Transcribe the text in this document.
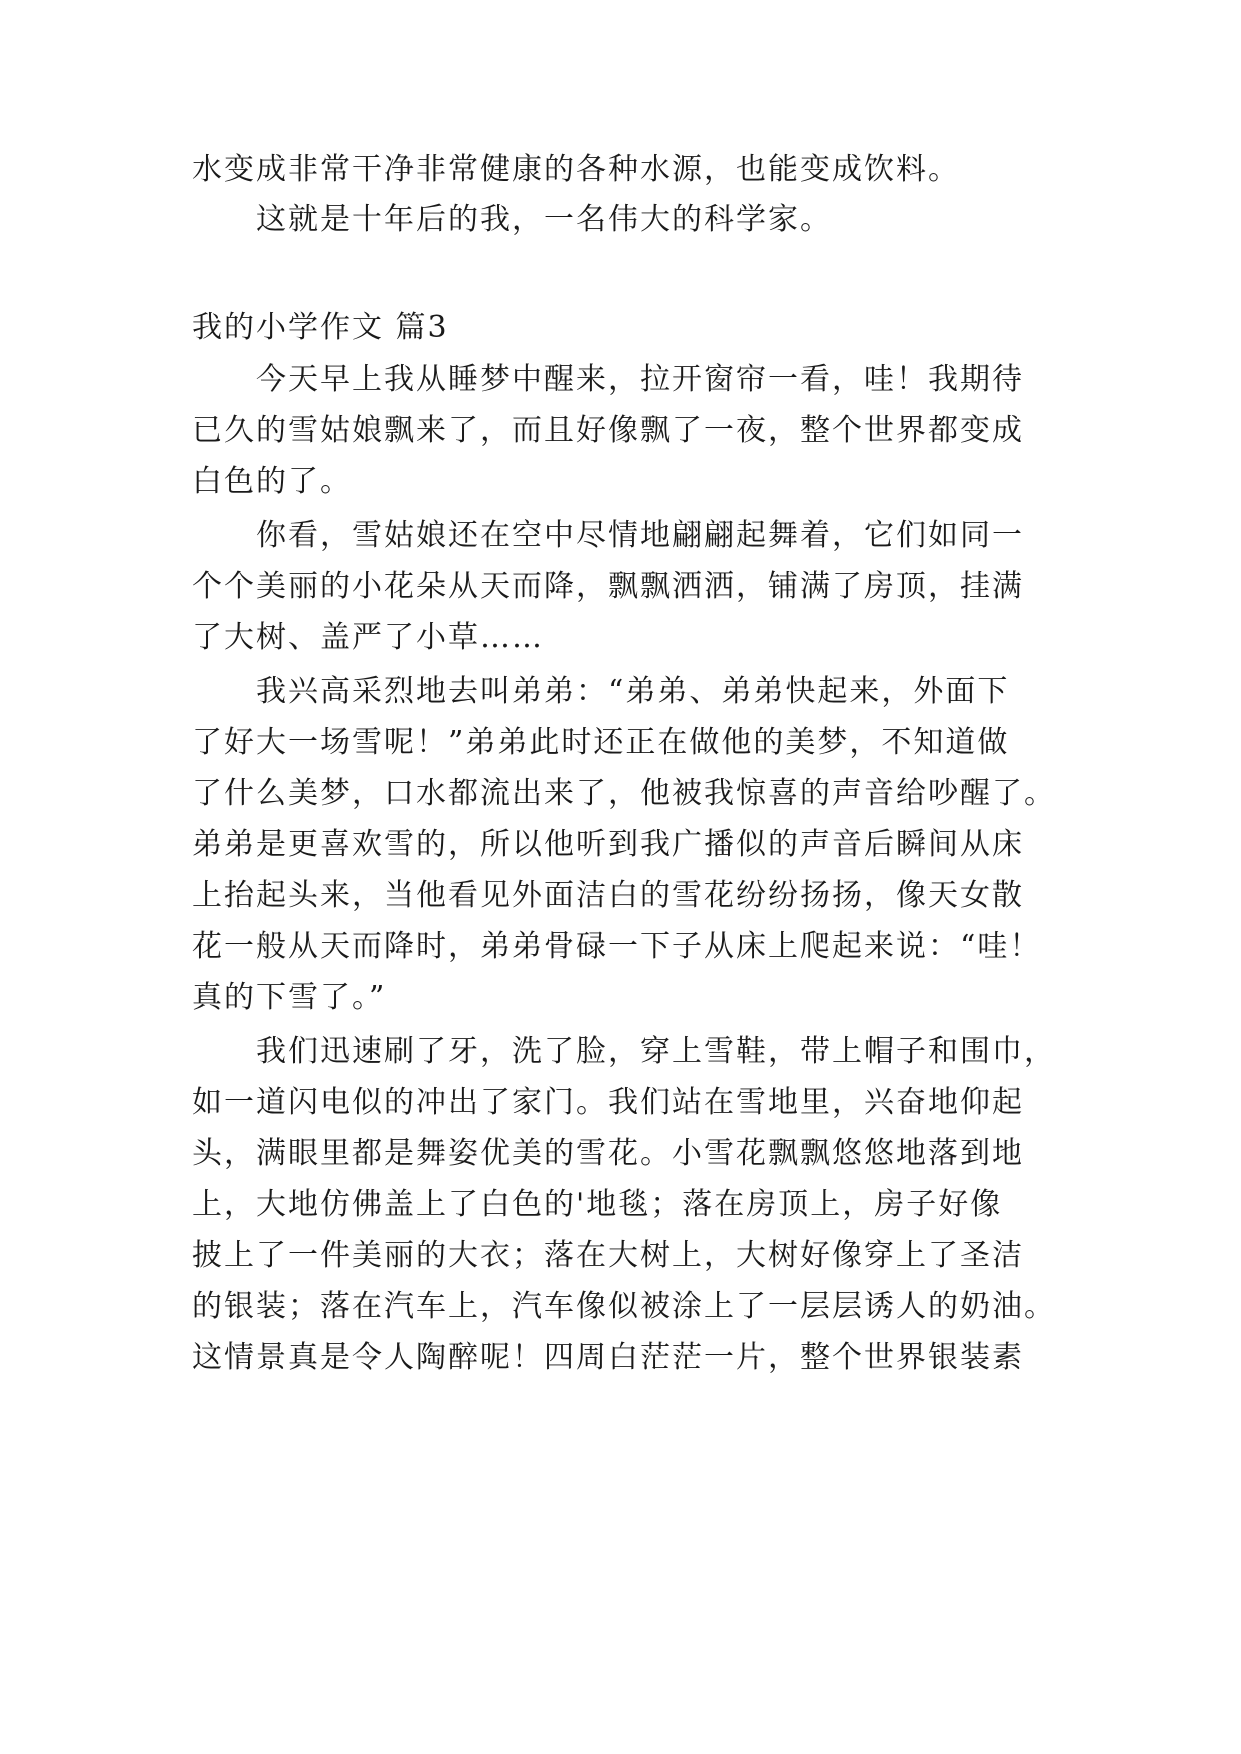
水变成非常干净非常健康的各种水源，也能变成饮料。
这就是十年后的我，一名伟大的科学家。
我的小学作文 篇3
今天早上我从睡梦中醒来，拉开窗帘一看，哇！我期待
已久的雪姑娘飘来了，而且好像飘了一夜，整个世界都变成
白色的了。
你看，雪姑娘还在空中尽情地翩翩起舞着，它们如同一
个个美丽的小花朵从天而降，飘飘洒洒，铺满了房顶，挂满
了大树、盖严了小草……
我兴高采烈地去叫弟弟：“弟弟、弟弟快起来，外面下
了好大一场雪呢！”弟弟此时还正在做他的美梦，不知道做
了什么美梦，口水都流出来了，他被我惊喜的声音给吵醒了。
弟弟是更喜欢雪的，所以他听到我广播似的声音后瞬间从床
上抬起头来，当他看见外面洁白的雪花纷纷扬扬，像天女散
花一般从天而降时，弟弟骨碌一下子从床上爬起来说：“哇！
真的下雪了。”
我们迅速刷了牙，洗了脸，穿上雪鞋，带上帽子和围巾，
如一道闪电似的冲出了家门。我们站在雪地里，兴奋地仰起
头，满眼里都是舞姿优美的雪花。小雪花飘飘悠悠地落到地
上，大地仿佛盖上了白色的'地毯；落在房顶上，房子好像
披上了一件美丽的大衣；落在大树上，大树好像穿上了圣洁
的银装；落在汽车上，汽车像似被涂上了一层层诱人的奶油。
这情景真是令人陶醉呢！四周白茫茫一片，整个世界银装素
